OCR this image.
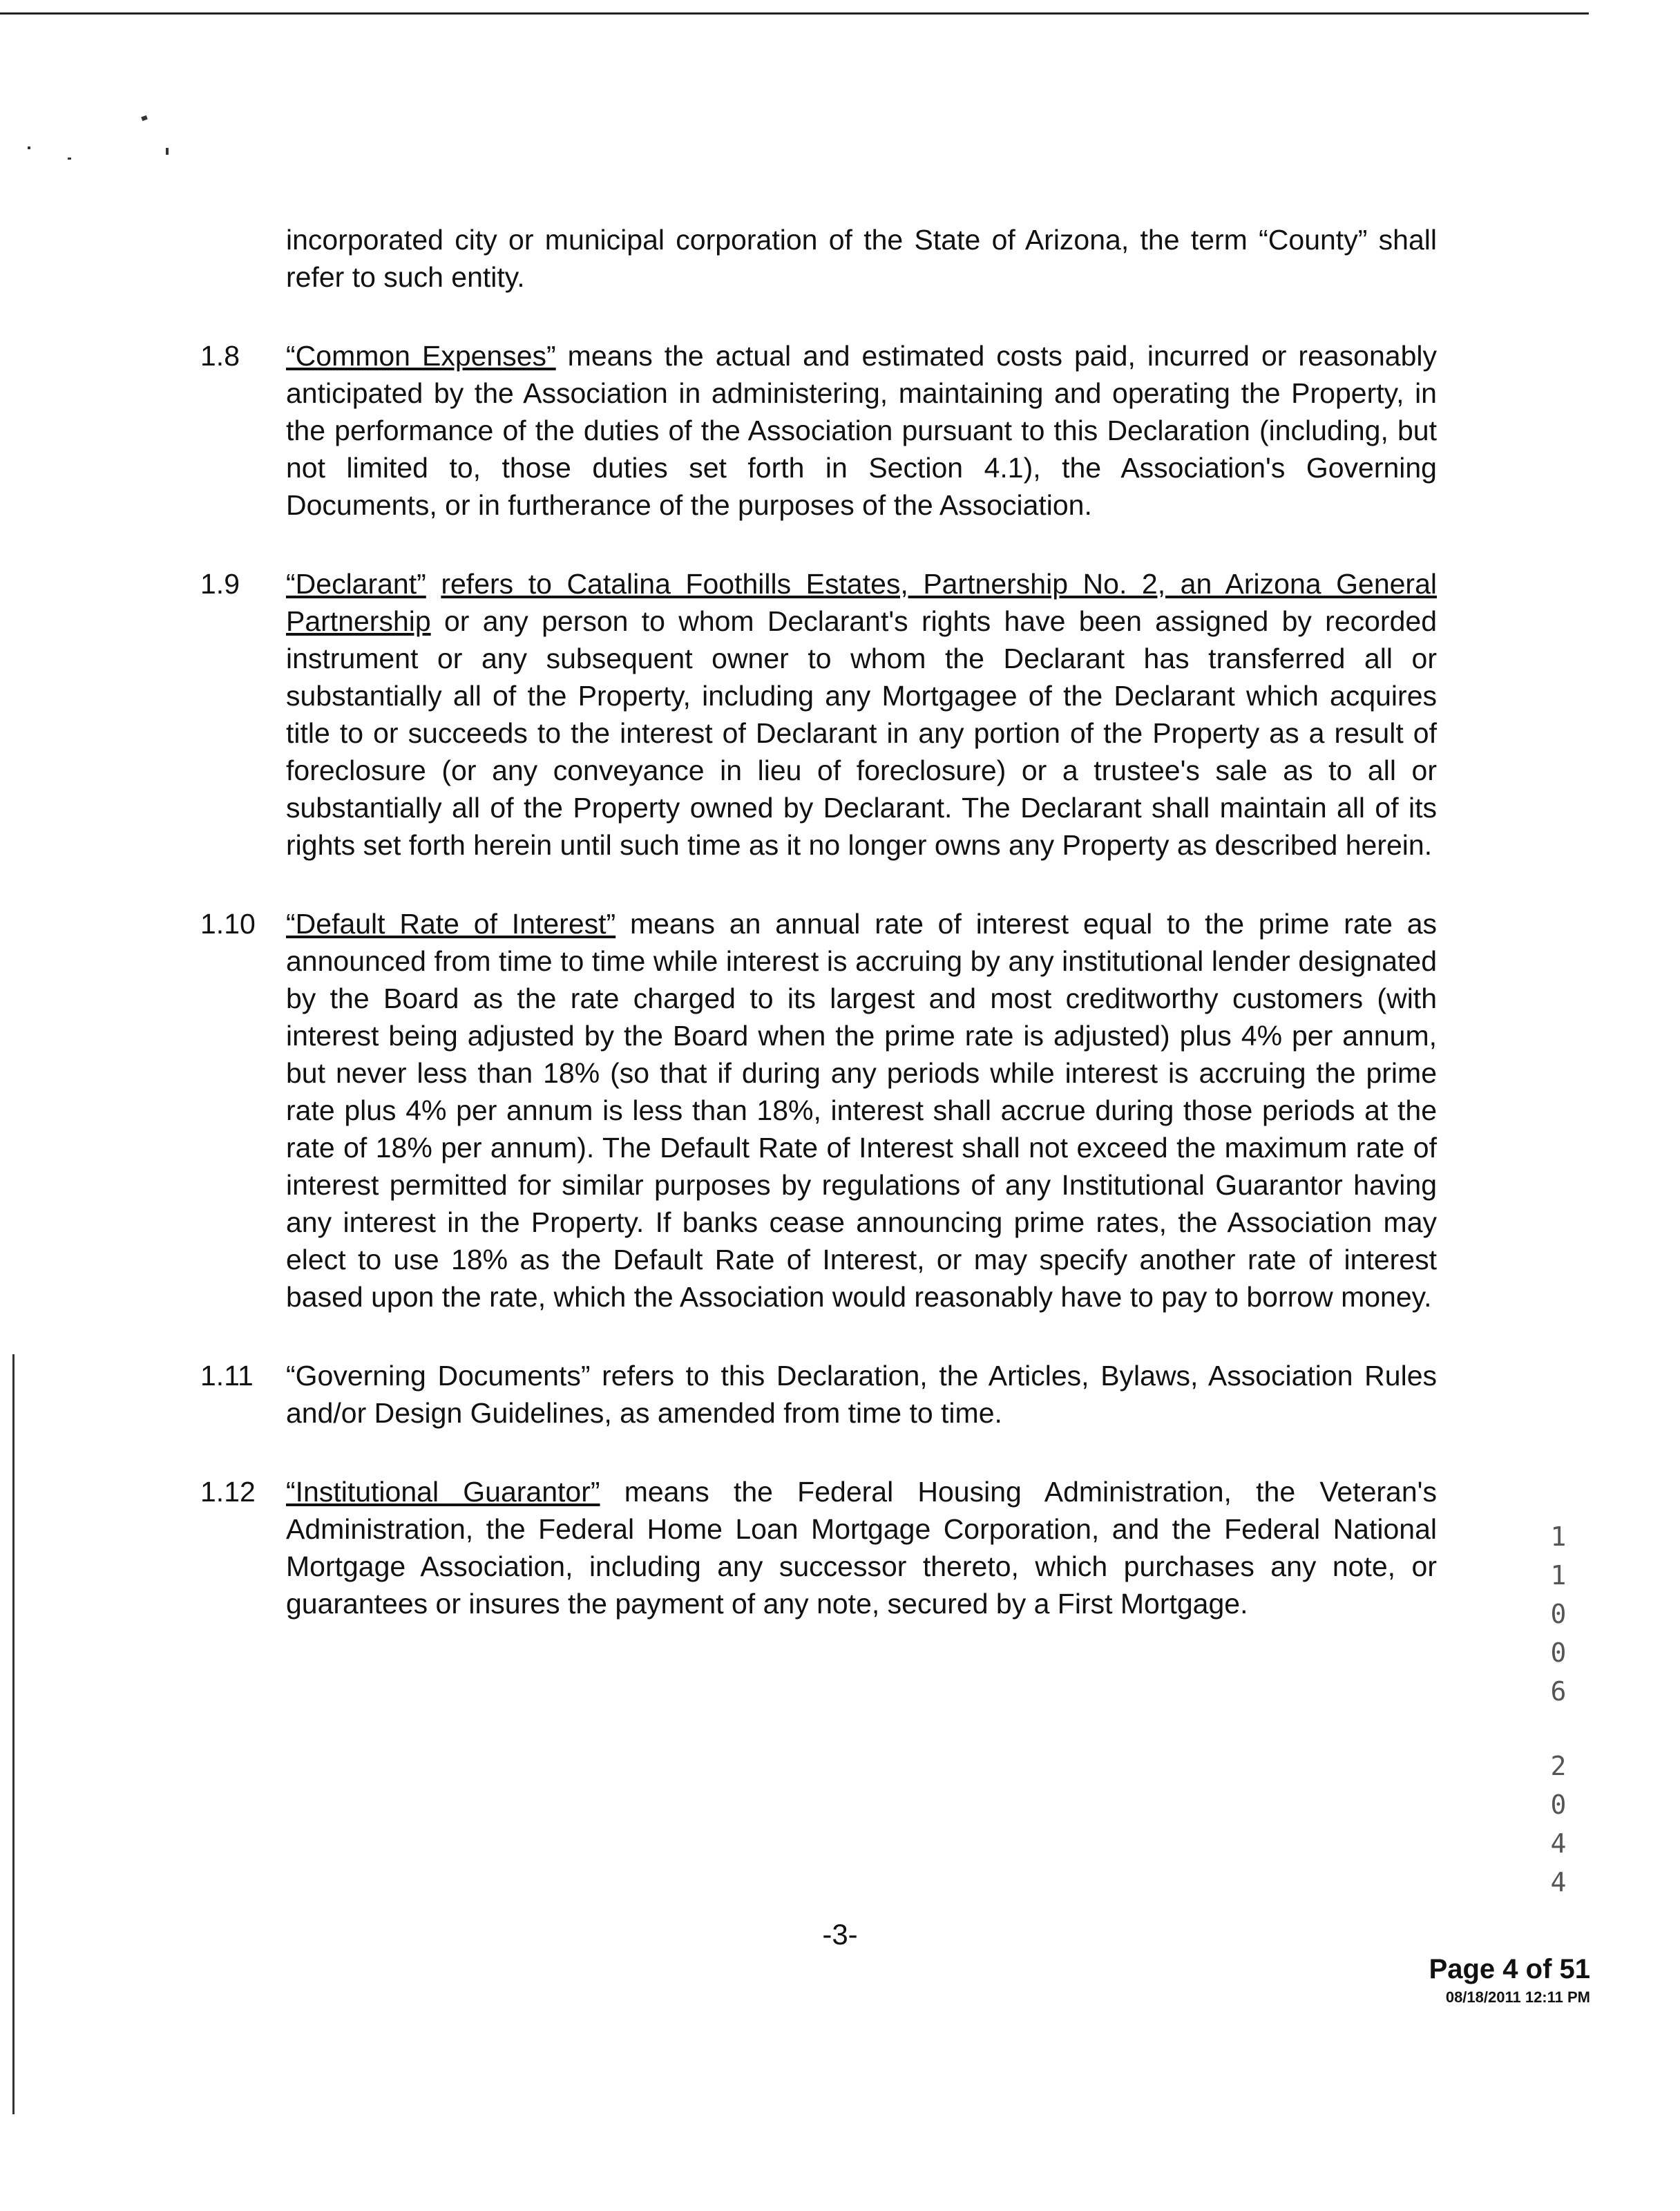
incorporated city or municipal corporation of the State of Arizona, the term “County” shall refer to such entity.
1.8	“Common Expenses” means the actual and estimated costs paid, incurred or reasonably anticipated by the Association in administering, maintaining and operating the Property, in the performance of the duties of the Association pursuant to this Declaration (including, but not limited to, those duties set forth in Section 4.1), the Association's Governing Documents, or in furtherance of the purposes of the Association.
1.9	“Declarant” refers to Catalina Foothills Estates, Partnership No. 2, an Arizona General Partnership or any person to whom Declarant's rights have been assigned by recorded instrument or any subsequent owner to whom the Declarant has transferred all or substantially all of the Property, including any Mortgagee of the Declarant which acquires title to or succeeds to the interest of Declarant in any portion of the Property as a result of foreclosure (or any conveyance in lieu of foreclosure) or a trustee's sale as to all or substantially all of the Property owned by Declarant. The Declarant shall maintain all of its rights set forth herein until such time as it no longer owns any Property as described herein.
1.10	“Default Rate of Interest” means an annual rate of interest equal to the prime rate as announced from time to time while interest is accruing by any institutional lender designated by the Board as the rate charged to its largest and most creditworthy customers (with interest being adjusted by the Board when the prime rate is adjusted) plus 4% per annum, but never less than 18% (so that if during any periods while interest is accruing the prime rate plus 4% per annum is less than 18%, interest shall accrue during those periods at the rate of 18% per annum). The Default Rate of Interest shall not exceed the maximum rate of interest permitted for similar purposes by regulations of any Institutional Guarantor having any interest in the Property. If banks cease announcing prime rates, the Association may elect to use 18% as the Default Rate of Interest, or may specify another rate of interest based upon the rate, which the Association would reasonably have to pay to borrow money.
1.11	“Governing Documents” refers to this Declaration, the Articles, Bylaws, Association Rules and/or Design Guidelines, as amended from time to time.
1.12	“Institutional Guarantor” means the Federal Housing Administration, the Veteran's Administration, the Federal Home Loan Mortgage Corporation, and the Federal National Mortgage Association, including any successor thereto, which purchases any note, or guarantees or insures the payment of any note, secured by a First Mortgage.
1
1
0
0
6
2
0
4
4
-3-
Page 4 of 51
08/18/2011 12:11 PM
